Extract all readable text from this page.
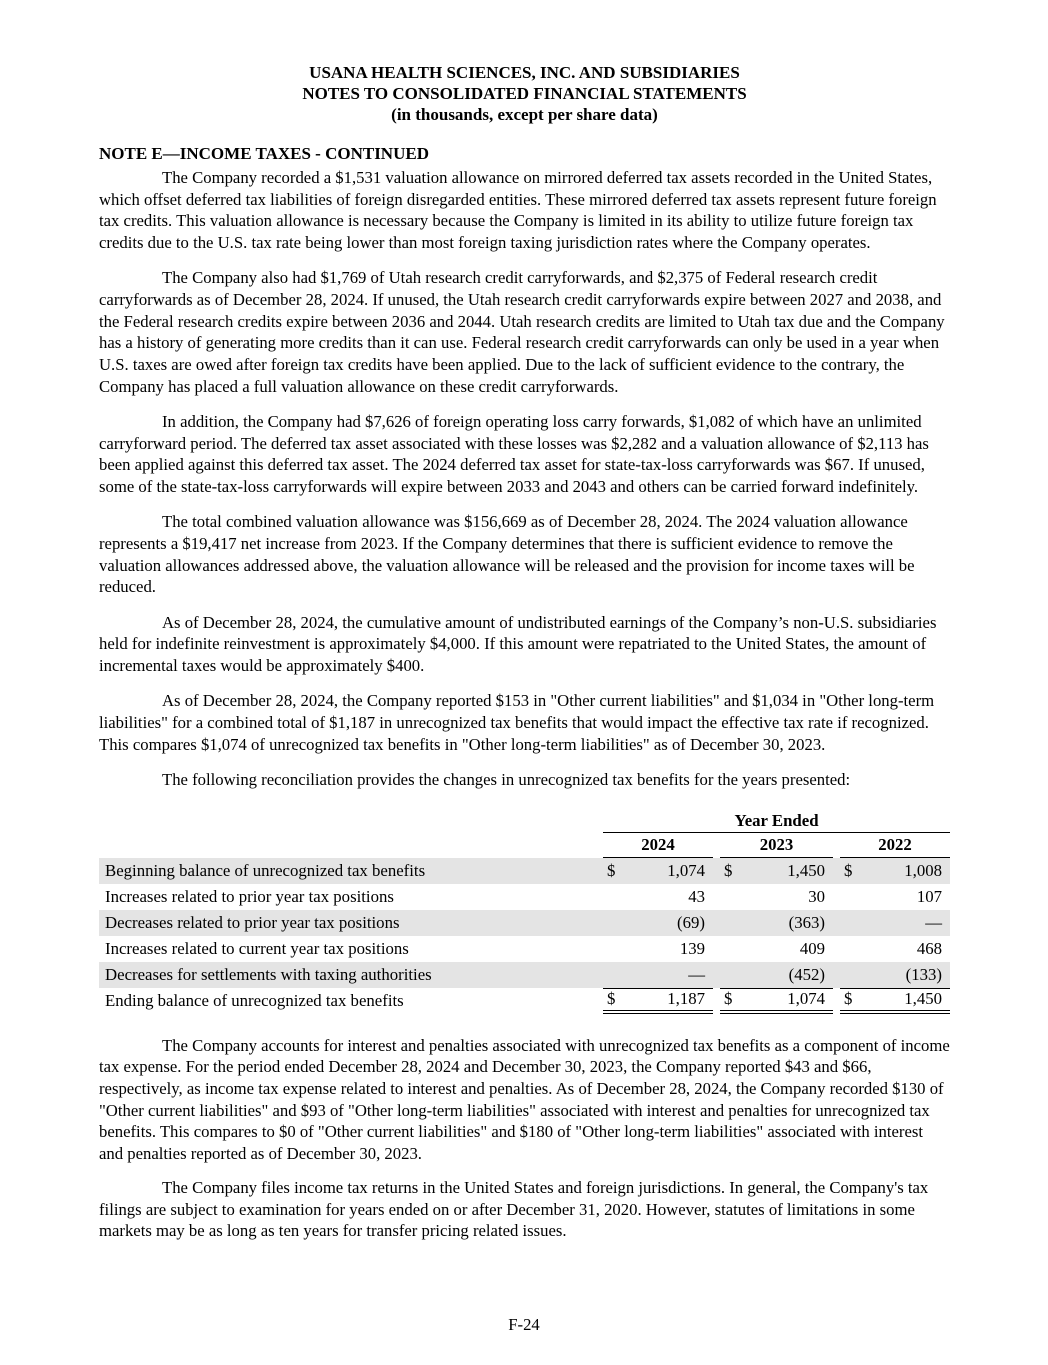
USANA HEALTH SCIENCES, INC. AND SUBSIDIARIES
NOTES TO CONSOLIDATED FINANCIAL STATEMENTS
(in thousands, except per share data)
NOTE E—INCOME TAXES - CONTINUED

The Company recorded a $1,531 valuation allowance on mirrored deferred tax assets recorded in the United States, which offset deferred tax liabilities of foreign disregarded entities. These mirrored deferred tax assets represent future foreign tax credits. This valuation allowance is necessary because the Company is limited in its ability to utilize future foreign tax credits due to the U.S. tax rate being lower than most foreign taxing jurisdiction rates where the Company operates.

The Company also had $1,769 of Utah research credit carryforwards, and $2,375 of Federal research credit carryforwards as of December 28, 2024. If unused, the Utah research credit carryforwards expire between 2027 and 2038, and the Federal research credits expire between 2036 and 2044. Utah research credits are limited to Utah tax due and the Company has a history of generating more credits than it can use. Federal research credit carryforwards can only be used in a year when U.S. taxes are owed after foreign tax credits have been applied. Due to the lack of sufficient evidence to the contrary, the Company has placed a full valuation allowance on these credit carryforwards.

In addition, the Company had $7,626 of foreign operating loss carry forwards, $1,082 of which have an unlimited carryforward period. The deferred tax asset associated with these losses was $2,282 and a valuation allowance of $2,113 has been applied against this deferred tax asset. The 2024 deferred tax asset for state-tax-loss carryforwards was $67. If unused, some of the state-tax-loss carryforwards will expire between 2033 and 2043 and others can be carried forward indefinitely.

The total combined valuation allowance was $156,669 as of December 28, 2024. The 2024 valuation allowance represents a $19,417 net increase from 2023. If the Company determines that there is sufficient evidence to remove the valuation allowances addressed above, the valuation allowance will be released and the provision for income taxes will be reduced.

As of December 28, 2024, the cumulative amount of undistributed earnings of the Company’s non-U.S. subsidiaries held for indefinite reinvestment is approximately $4,000. If this amount were repatriated to the United States, the amount of incremental taxes would be approximately $400.

As of December 28, 2024, the Company reported $153 in "Other current liabilities" and $1,034 in "Other long-term liabilities" for a combined total of $1,187 in unrecognized tax benefits that would impact the effective tax rate if recognized. This compares $1,074 of unrecognized tax benefits in "Other long-term liabilities" as of December 30, 2023.

The following reconciliation provides the changes in unrecognized tax benefits for the years presented:

Year Ended
2024	2023	2022
Beginning balance of unrecognized tax benefits	$	1,074	$	1,450	$	1,008
Increases related to prior year tax positions	43	30	107
Decreases related to prior year tax positions	(69)	(363)	—
Increases related to current year tax positions	139	409	468
Decreases for settlements with taxing authorities	—	(452)	(133)
Ending balance of unrecognized tax benefits	$	1,187	$	1,074	$	1,450

The Company accounts for interest and penalties associated with unrecognized tax benefits as a component of income tax expense. For the period ended December 28, 2024 and December 30, 2023, the Company reported $43 and $66, respectively, as income tax expense related to interest and penalties. As of December 28, 2024, the Company recorded $130 of "Other current liabilities" and $93 of "Other long-term liabilities" associated with interest and penalties for unrecognized tax benefits. This compares to $0 of "Other current liabilities" and $180 of "Other long-term liabilities" associated with interest and penalties reported as of December 30, 2023.

The Company files income tax returns in the United States and foreign jurisdictions. In general, the Company's tax filings are subject to examination for years ended on or after December 31, 2020. However, statutes of limitations in some markets may be as long as ten years for transfer pricing related issues.

F-24
